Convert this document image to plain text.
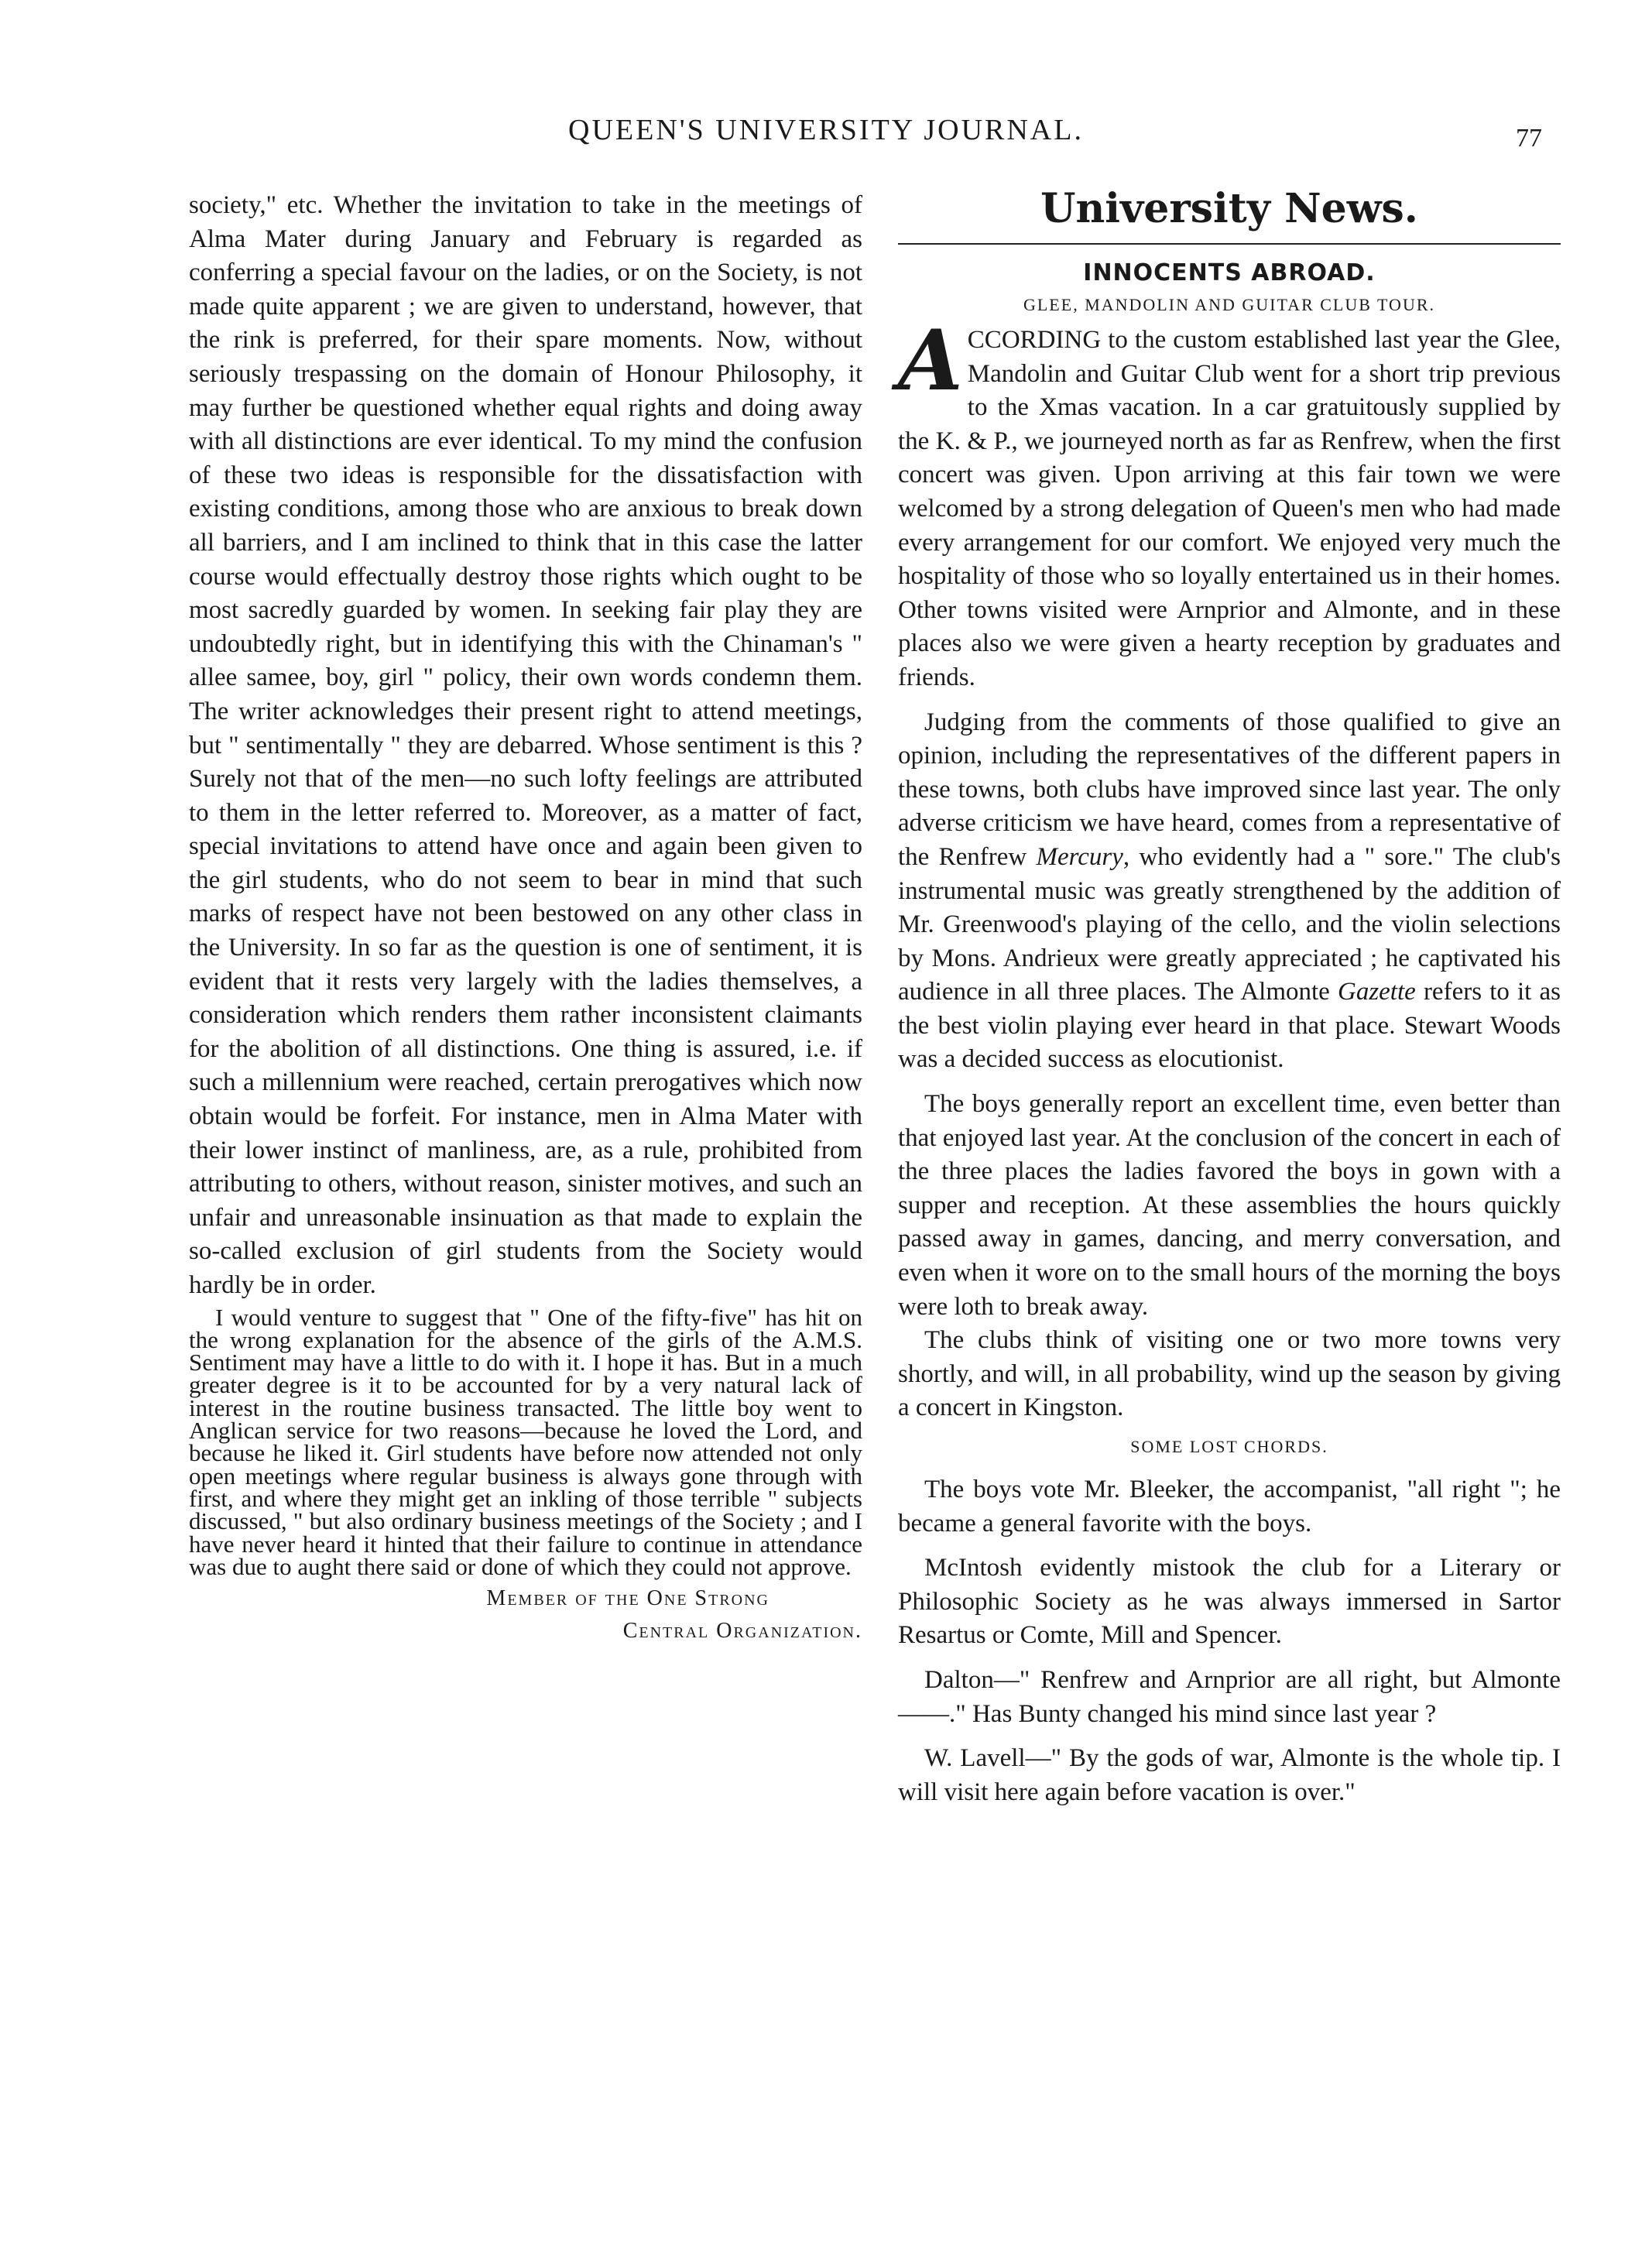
QUEEN'S UNIVERSITY JOURNAL.	77

society," etc. Whether the invitation to take in the meetings of Alma Mater during January and February is regarded as conferring a special favour on the ladies, or on the Society, is not made quite apparent ; we are given to understand, however, that the rink is preferred, for their spare moments. Now, without seriously trespassing on the domain of Honour Philosophy, it may further be questioned whether equal rights and doing away with all distinctions are ever identical. To my mind the confusion of these two ideas is responsible for the dissatisfaction with existing conditions, among those who are anxious to break down all barriers, and I am inclined to think that in this case the latter course would effectually destroy those rights which ought to be most sacredly guarded by women. In seeking fair play they are undoubtedly right, but in identifying this with the Chinaman's " allee samee, boy, girl " policy, their own words condemn them. The writer acknowledges their present right to attend meetings, but " sentimentally " they are debarred. Whose sentiment is this ? Surely not that of the men—no such lofty feelings are attributed to them in the letter referred to. Moreover, as a matter of fact, special invitations to attend have once and again been given to the girl students, who do not seem to bear in mind that such marks of respect have not been bestowed on any other class in the University. In so far as the question is one of sentiment, it is evident that it rests very largely with the ladies themselves, a consideration which renders them rather inconsistent claimants for the abolition of all distinctions. One thing is assured, i.e. if such a millennium were reached, certain prerogatives which now obtain would be forfeit. For instance, men in Alma Mater with their lower instinct of manliness, are, as a rule, prohibited from attributing to others, without reason, sinister motives, and such an unfair and unreasonable insinuation as that made to explain the so-called exclusion of girl students from the Society would hardly be in order.

I would venture to suggest that " One of the fifty-five" has hit on the wrong explanation for the absence of the girls of the A.M.S. Sentiment may have a little to do with it. I hope it has. But in a much greater degree is it to be accounted for by a very natural lack of interest in the routine business transacted. The little boy went to Anglican service for two reasons—because he loved the Lord, and because he liked it. Girl students have before now attended not only open meetings where regular business is always gone through with first, and where they might get an inkling of those terrible " subjects discussed, " but also ordinary business meetings of the Society ; and I have never heard it hinted that their failure to continue in attendance was due to aught there said or done of which they could not approve.

Member of the One Strong
Central Organization.
University News.
INNOCENTS ABROAD.
GLEE, MANDOLIN AND GUITAR CLUB TOUR.

ACCORDING to the custom established last year the Glee, Mandolin and Guitar Club went for a short trip previous to the Xmas vacation. In a car gratuitously supplied by the K. & P., we journeyed north as far as Renfrew, when the first concert was given. Upon arriving at this fair town we were welcomed by a strong delegation of Queen's men who had made every arrangement for our comfort. We enjoyed very much the hospitality of those who so loyally entertained us in their homes. Other towns visited were Arnprior and Almonte, and in these places also we were given a hearty reception by graduates and friends.

Judging from the comments of those qualified to give an opinion, including the representatives of the different papers in these towns, both clubs have improved since last year. The only adverse criticism we have heard, comes from a representative of the Renfrew Mercury, who evidently had a " sore." The club's instrumental music was greatly strengthened by the addition of Mr. Greenwood's playing of the cello, and the violin selections by Mons. Andrieux were greatly appreciated ; he captivated his audience in all three places. The Almonte Gazette refers to it as the best violin playing ever heard in that place. Stewart Woods was a decided success as elocutionist.

The boys generally report an excellent time, even better than that enjoyed last year. At the conclusion of the concert in each of the three places the ladies favored the boys in gown with a supper and reception. At these assemblies the hours quickly passed away in games, dancing, and merry conversation, and even when it wore on to the small hours of the morning the boys were loth to break away.

The clubs think of visiting one or two more towns very shortly, and will, in all probability, wind up the season by giving a concert in Kingston.

SOME LOST CHORDS.

The boys vote Mr. Bleeker, the accompanist, "all right "; he became a general favorite with the boys.

McIntosh evidently mistook the club for a Literary or Philosophic Society as he was always immersed in Sartor Resartus or Comte, Mill and Spencer.

Dalton—" Renfrew and Arnprior are all right, but Almonte ——." Has Bunty changed his mind since last year ?

W. Lavell—" By the gods of war, Almonte is the whole tip. I will visit here again before vacation is over."
